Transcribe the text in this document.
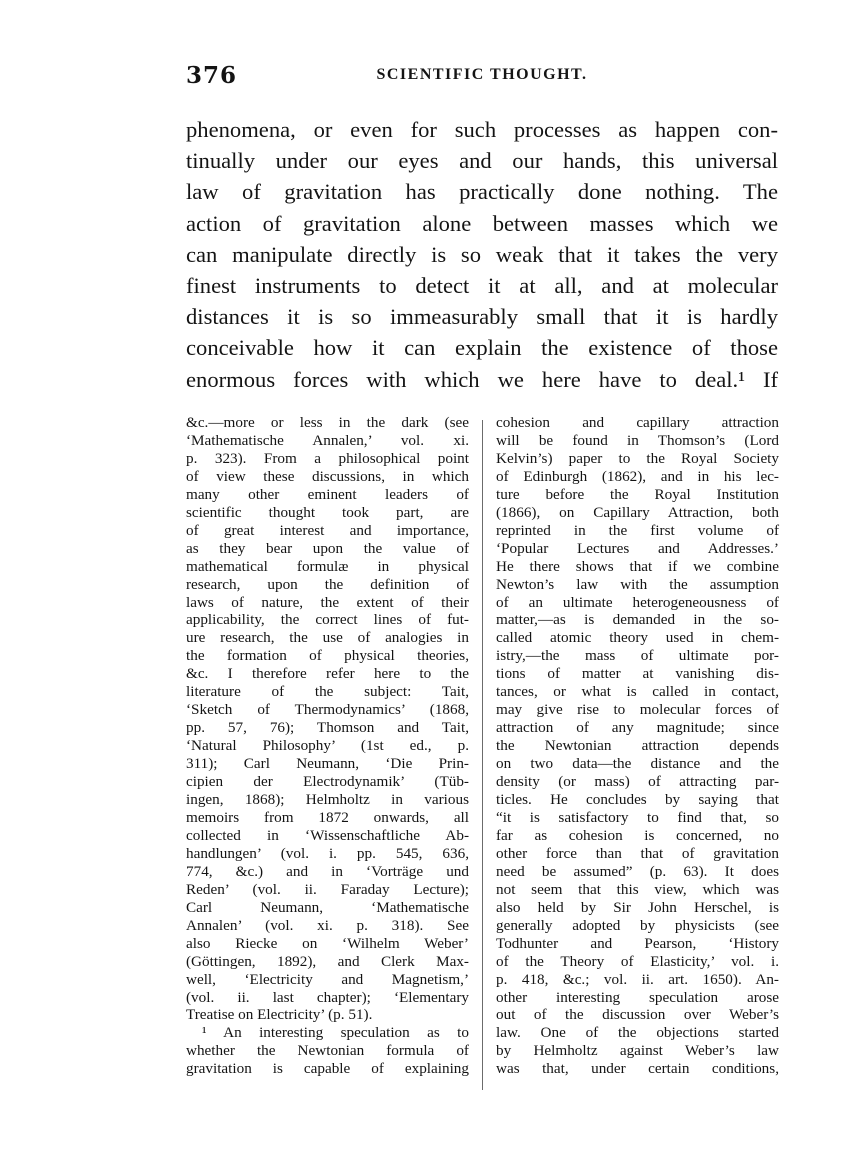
376	SCIENTIFIC THOUGHT.
phenomena, or even for such processes as happen con-
tinually under our eyes and our hands, this universal
law of gravitation has practically done nothing. The
action of gravitation alone between masses which we
can manipulate directly is so weak that it takes the very
finest instruments to detect it at all, and at molecular
distances it is so immeasurably small that it is hardly
conceivable how it can explain the existence of those
enormous forces with which we here have to deal.¹ If
&c.—more or less in the dark (see
‘Mathematische Annalen,’ vol. xi.
p. 323). From a philosophical point
of view these discussions, in which
many other eminent leaders of
scientific thought took part, are
of great interest and importance,
as they bear upon the value of
mathematical formulæ in physical
research, upon the definition of
laws of nature, the extent of their
applicability, the correct lines of fut-
ure research, the use of analogies in
the formation of physical theories,
&c. I therefore refer here to the
literature of the subject: Tait,
‘Sketch of Thermodynamics’ (1868,
pp. 57, 76); Thomson and Tait,
‘Natural Philosophy’ (1st ed., p.
311); Carl Neumann, ‘Die Prin-
cipien der Electrodynamik’ (Tüb-
ingen, 1868); Helmholtz in various
memoirs from 1872 onwards, all
collected in ‘Wissenschaftliche Ab-
handlungen’ (vol. i. pp. 545, 636,
774, &c.) and in ‘Vorträge und
Reden’ (vol. ii. Faraday Lecture);
Carl Neumann, ‘Mathematische
Annalen’ (vol. xi. p. 318). See
also Riecke on ‘Wilhelm Weber’
(Göttingen, 1892), and Clerk Max-
well, ‘Electricity and Magnetism,’
(vol. ii. last chapter); ‘Elementary
Treatise on Electricity’ (p. 51).
¹ An interesting speculation as to
whether the Newtonian formula of
gravitation is capable of explaining
cohesion and capillary attraction
will be found in Thomson’s (Lord
Kelvin’s) paper to the Royal Society
of Edinburgh (1862), and in his lec-
ture before the Royal Institution
(1866), on Capillary Attraction, both
reprinted in the first volume of
‘Popular Lectures and Addresses.’
He there shows that if we combine
Newton’s law with the assumption
of an ultimate heterogeneousness of
matter,—as is demanded in the so-
called atomic theory used in chem-
istry,—the mass of ultimate por-
tions of matter at vanishing dis-
tances, or what is called in contact,
may give rise to molecular forces of
attraction of any magnitude; since
the Newtonian attraction depends
on two data—the distance and the
density (or mass) of attracting par-
ticles. He concludes by saying that
“it is satisfactory to find that, so
far as cohesion is concerned, no
other force than that of gravitation
need be assumed” (p. 63). It does
not seem that this view, which was
also held by Sir John Herschel, is
generally adopted by physicists (see
Todhunter and Pearson, ‘History
of the Theory of Elasticity,’ vol. i.
p. 418, &c.; vol. ii. art. 1650). An-
other interesting speculation arose
out of the discussion over Weber’s
law. One of the objections started
by Helmholtz against Weber’s law
was that, under certain conditions,
